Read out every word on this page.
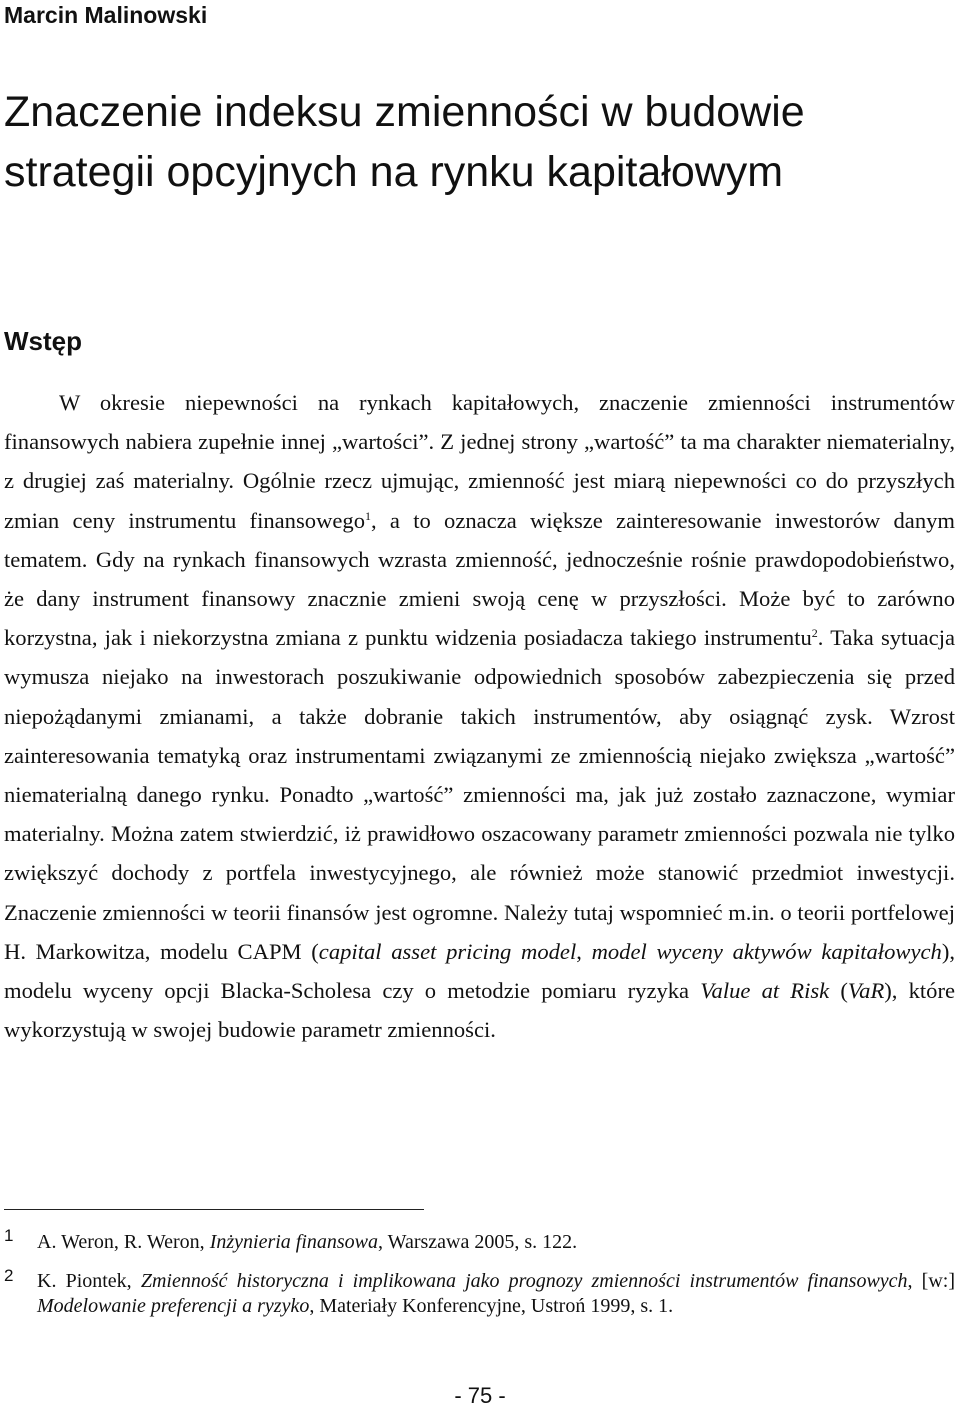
Marcin Malinowski
Znaczenie indeksu zmienności w budowie strategii opcyjnych na rynku kapitałowym
Wstęp

W okresie niepewności na rynkach kapitałowych, znaczenie zmienności instrumentów finansowych nabiera zupełnie innej „wartości”. Z jednej strony „wartość” ta ma charakter niematerialny, z drugiej zaś materialny. Ogólnie rzecz ujmując, zmienność jest miarą niepewności co do przyszłych zmian ceny instrumentu finansowego$^1$, a to oznacza większe zainteresowanie inwestorów danym tematem. Gdy na rynkach finansowych wzrasta zmienność, jednocześnie rośnie prawdopodobieństwo, że dany instrument finansowy znacznie zmieni swoją cenę w przyszłości. Może być to zarówno korzystna, jak i niekorzystna zmiana z punktu widzenia posiadacza takiego instrumentu$^2$. Taka sytuacja wymusza niejako na inwestorach poszukiwanie odpowiednich sposobów zabezpieczenia się przed niepożądanymi zmianami, a także dobranie takich instrumentów, aby osiągnąć zysk. Wzrost zainteresowania tematyką oraz instrumentami związanymi ze zmiennością niejako zwiększa „wartość” niematerialną danego rynku. Ponadto „wartość” zmienności ma, jak już zostało zaznaczone, wymiar materialny. Można zatem stwierdzić, iż prawidłowo oszacowany parametr zmienności pozwala nie tylko zwiększyć dochody z portfela inwestycyjnego, ale również może stanowić przedmiot inwestycji. Znaczenie zmienności w teorii finansów jest ogromne. Należy tutaj wspomnieć m.in. o teorii portfelowej H. Markowitza, modelu CAPM (capital asset pricing model, model wyceny aktywów kapitałowych), modelu wyceny opcji Blacka-Scholesa czy o metodzie pomiaru ryzyka Value at Risk (VaR), które wykorzystują w swojej budowie parametr zmienności.

1 A. Weron, R. Weron, Inżynieria finansowa, Warszawa 2005, s. 122.

2 K. Piontek, Zmienność historyczna i implikowana jako prognozy zmienności instrumentów finansowych, [w:] Modelowanie preferencji a ryzyko, Materiały Konferencyjne, Ustroń 1999, s. 1.

- 75 -
